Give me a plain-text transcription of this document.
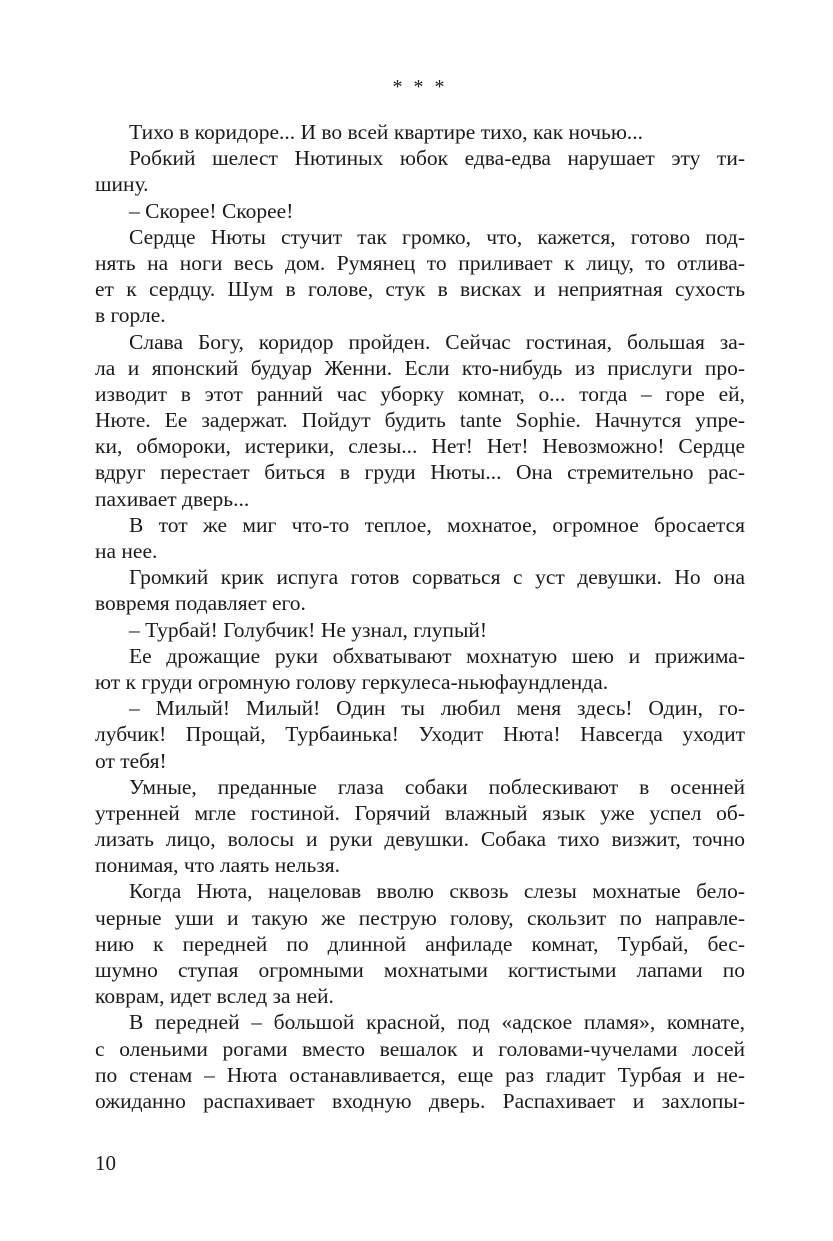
* * *
Тихо в коридоре... И во всей квартире тихо, как ночью...
Робкий шелест Нютиных юбок едва-едва нарушает эту ти-
шину.
– Скорее! Скорее!
Сердце Нюты стучит так громко, что, кажется, готово под-
нять на ноги весь дом. Румянец то приливает к лицу, то отлива-
ет к сердцу. Шум в голове, стук в висках и неприятная сухость
в горле.
Слава Богу, коридор пройден. Сейчас гостиная, большая за-
ла и японский будуар Женни. Если кто-нибудь из прислуги про-
изводит в этот ранний час уборку комнат, о... тогда – горе ей,
Нюте. Ее задержат. Пойдут будить tante Sophie. Начнутся упре-
ки, обмороки, истерики, слезы... Нет! Нет! Невозможно! Сердце
вдруг перестает биться в груди Нюты... Она стремительно рас-
пахивает дверь...
В тот же миг что-то теплое, мохнатое, огромное бросается
на нее.
Громкий крик испуга готов сорваться с уст девушки. Но она
вовремя подавляет его.
– Турбай! Голубчик! Не узнал, глупый!
Ее дрожащие руки обхватывают мохнатую шею и прижима-
ют к груди огромную голову геркулеса-ньюфаундленда.
– Милый! Милый! Один ты любил меня здесь! Один, го-
лубчик! Прощай, Турбаинька! Уходит Нюта! Навсегда уходит
от тебя!
Умные, преданные глаза собаки поблескивают в осенней
утренней мгле гостиной. Горячий влажный язык уже успел об-
лизать лицо, волосы и руки девушки. Собака тихо визжит, точно
понимая, что лаять нельзя.
Когда Нюта, нацеловав вволю сквозь слезы мохнатые бело-
черные уши и такую же пеструю голову, скользит по направле-
нию к передней по длинной анфиладе комнат, Турбай, бес-
шумно ступая огромными мохнатыми когтистыми лапами по
коврам, идет вслед за ней.
В передней – большой красной, под «адское пламя», комнате,
с оленьими рогами вместо вешалок и головами-чучелами лосей
по стенам – Нюта останавливается, еще раз гладит Турбая и не-
ожиданно распахивает входную дверь. Распахивает и захлопы-
10
